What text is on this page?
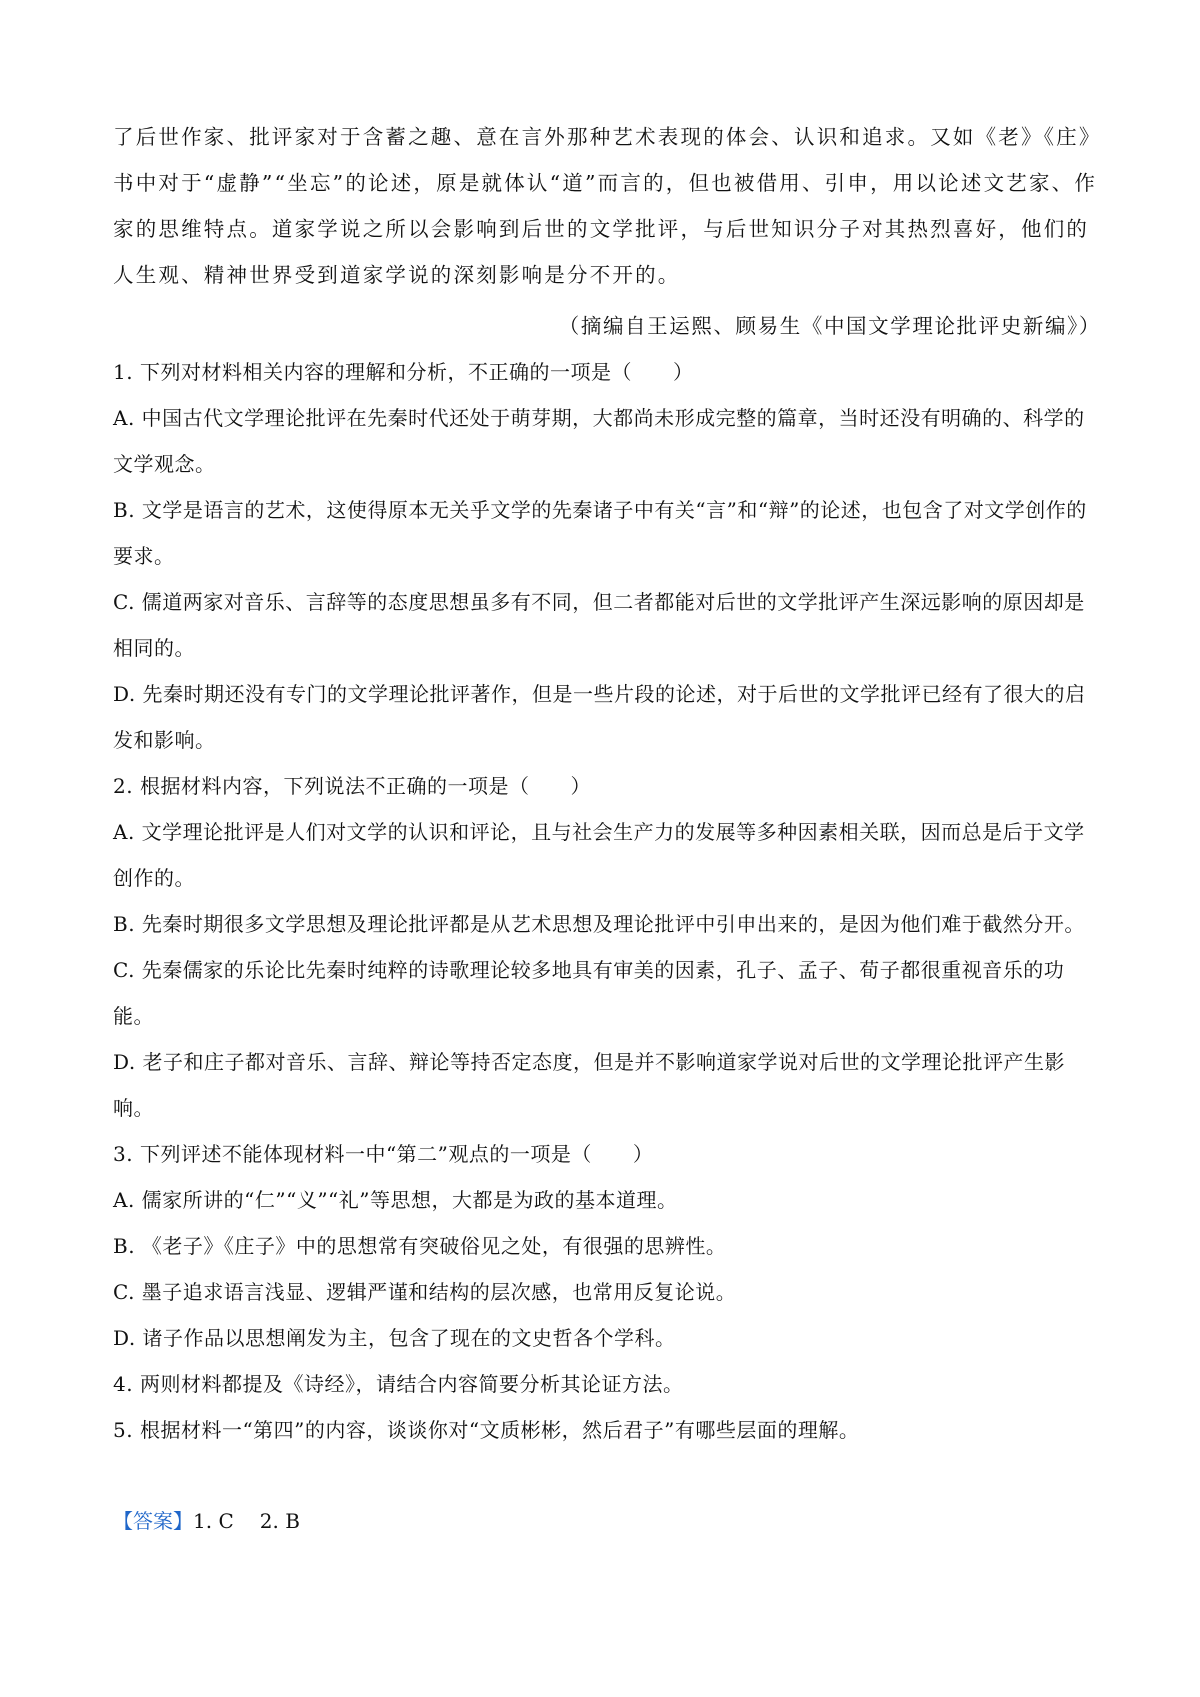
了后世作家、批评家对于含蓄之趣、意在言外那种艺术表现的体会、认识和追求。又如《老》《庄》书中对于“虚静”“坐忘”的论述，原是就体认“道”而言的，但也被借用、引申，用以论述文艺家、作家的思维特点。道家学说之所以会影响到后世的文学批评，与后世知识分子对其热烈喜好，他们的人生观、精神世界受到道家学说的深刻影响是分不开的。

（摘编自王运熙、顾易生《中国文学理论批评史新编》）

1. 下列对材料相关内容的理解和分析，不正确的一项是（　　）

A. 中国古代文学理论批评在先秦时代还处于萌芽期，大都尚未形成完整的篇章，当时还没有明确的、科学的文学观念。

B. 文学是语言的艺术，这使得原本无关乎文学的先秦诸子中有关“言”和“辩”的论述，也包含了对文学创作的要求。

C. 儒道两家对音乐、言辞等的态度思想虽多有不同，但二者都能对后世的文学批评产生深远影响的原因却是相同的。

D. 先秦时期还没有专门的文学理论批评著作，但是一些片段的论述，对于后世的文学批评已经有了很大的启发和影响。

2. 根据材料内容，下列说法不正确的一项是（　　）

A. 文学理论批评是人们对文学的认识和评论，且与社会生产力的发展等多种因素相关联，因而总是后于文学创作的。

B. 先秦时期很多文学思想及理论批评都是从艺术思想及理论批评中引申出来的，是因为他们难于截然分开。

C. 先秦儒家的乐论比先秦时纯粹的诗歌理论较多地具有审美的因素，孔子、孟子、荀子都很重视音乐的功能。

D. 老子和庄子都对音乐、言辞、辩论等持否定态度，但是并不影响道家学说对后世的文学理论批评产生影响。

3. 下列评述不能体现材料一中“第二”观点的一项是（　　）

A. 儒家所讲的“仁”“义”“礼”等思想，大都是为政的基本道理。

B. 《老子》《庄子》中的思想常有突破俗见之处，有很强的思辨性。

C. 墨子追求语言浅显、逻辑严谨和结构的层次感，也常用反复论说。

D. 诸子作品以思想阐发为主，包含了现在的文史哲各个学科。

4. 两则材料都提及《诗经》，请结合内容简要分析其论证方法。

5. 根据材料一“第四”的内容，谈谈你对“文质彬彬，然后君子”有哪些层面的理解。

【答案】1. C 2. B
